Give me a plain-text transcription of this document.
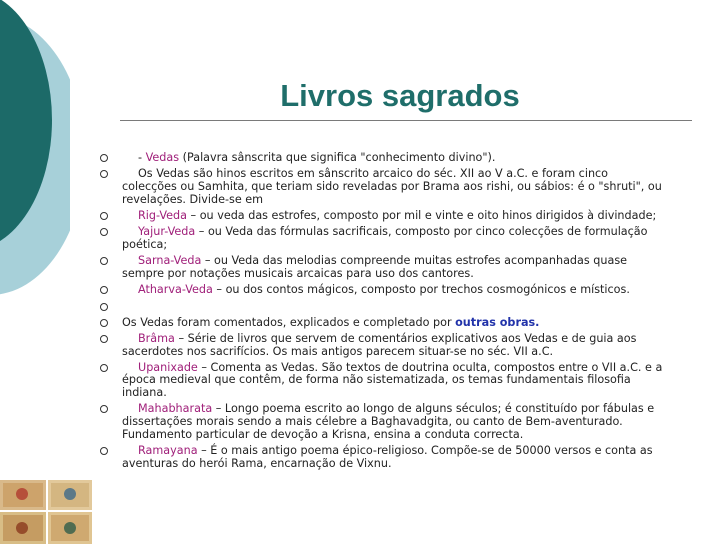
Livros sagrados
- Vedas (Palavra sânscrita que significa "conhecimento divino").
Os Vedas são hinos escritos em sânscrito arcaico do séc. XII ao V a.C. e foram cinco colecções ou Samhita, que teriam sido reveladas por Brama aos rishi, ou sábios: é o "shruti", ou revelações. Divide-se em
Rig-Veda – ou veda das estrofes, composto por mil e vinte e oito hinos dirigidos à divindade;
Yajur-Veda – ou Veda das fórmulas sacrificais, composto por cinco colecções de formulação poética;
Sarna-Veda – ou Veda das melodias compreende muitas estrofes acompanhadas quase sempre por notações musicais arcaicas para uso dos cantores.
Atharva-Veda – ou dos contos mágicos, composto por trechos cosmogónicos e místicos.
Os Vedas foram comentados, explicados e completado por outras obras.
Brâma – Série de livros que servem de comentários explicativos aos Vedas e de guia aos sacerdotes nos sacrifícios. Os mais antigos parecem situar-se no séc. VII a.C.
Upanixade – Comenta as Vedas. São textos de doutrina oculta, compostos entre o VII a.C. e a época medieval que contêm, de forma não sistematizada, os temas fundamentais filosofia indiana.
Mahabharata – Longo poema escrito ao longo de alguns séculos; é constituído por fábulas e dissertações morais sendo a mais célebre a Baghavadgita, ou canto de Bem-aventurado. Fundamento particular de devoção a Krisna, ensina a conduta correcta.
Ramayana – É o mais antigo poema épico-religioso. Compõe-se de 50000 versos e conta as aventuras do herói Rama, encarnação de Vixnu.
